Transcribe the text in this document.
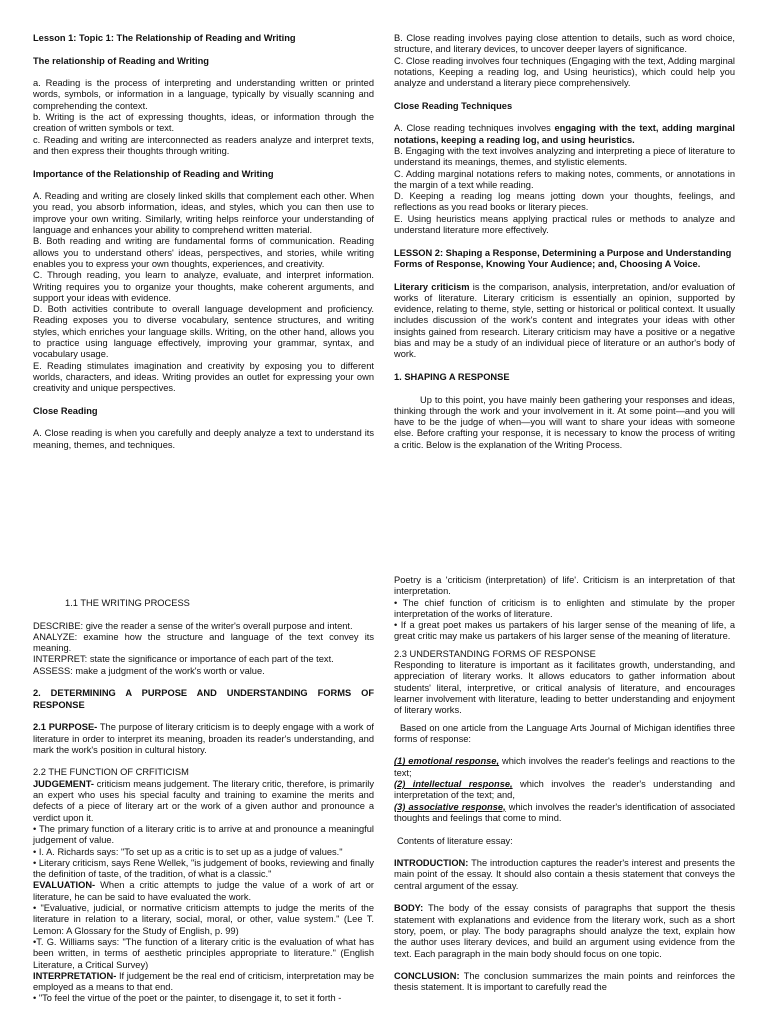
Lesson 1: Topic 1: The Relationship of Reading and Writing

The relationship of Reading and Writing

a. Reading is the process of interpreting and understanding written or printed words, symbols, or information in a language, typically by visually scanning and comprehending the context.

b. Writing is the act of expressing thoughts, ideas, or information through the creation of written symbols or text.

c. Reading and writing are interconnected as readers analyze and interpret texts, and then express their thoughts through writing.

Importance of the Relationship of Reading and Writing

A. Reading and writing are closely linked skills that complement each other. When you read, you absorb information, ideas, and styles, which you can then use to improve your own writing. Similarly, writing helps reinforce your understanding of language and enhances your ability to comprehend written material.

B. Both reading and writing are fundamental forms of communication. Reading allows you to understand others' ideas, perspectives, and stories, while writing enables you to express your own thoughts, experiences, and creativity.

C. Through reading, you learn to analyze, evaluate, and interpret information. Writing requires you to organize your thoughts, make coherent arguments, and support your ideas with evidence.

D. Both activities contribute to overall language development and proficiency. Reading exposes you to diverse vocabulary, sentence structures, and writing styles, which enriches your language skills. Writing, on the other hand, allows you to practice using language effectively, improving your grammar, syntax, and vocabulary usage.

E. Reading stimulates imagination and creativity by exposing you to different worlds, characters, and ideas. Writing provides an outlet for expressing your own creativity and unique perspectives.

Close Reading

A. Close reading is when you carefully and deeply analyze a text to understand its meaning, themes, and techniques.

B. Close reading involves paying close attention to details, such as word choice, structure, and literary devices, to uncover deeper layers of significance.

C. Close reading involves four techniques (Engaging with the text, Adding marginal notations, Keeping a reading log, and Using heuristics), which could help you analyze and understand a literary piece comprehensively.

Close Reading Techniques

A. Close reading techniques involves engaging with the text, adding marginal notations, keeping a reading log, and using heuristics.

B. Engaging with the text involves analyzing and interpreting a piece of literature to understand its meanings, themes, and stylistic elements.

C. Adding marginal notations refers to making notes, comments, or annotations in the margin of a text while reading.

D. Keeping a reading log means jotting down your thoughts, feelings, and reflections as you read books or literary pieces.

E. Using heuristics means applying practical rules or methods to analyze and understand literature more effectively.

LESSON 2: Shaping a Response, Determining a Purpose and Understanding

Forms of Response, Knowing Your Audience; and, Choosing A Voice.

Literary criticism is the comparison, analysis, interpretation, and/or evaluation of works of literature. Literary criticism is essentially an opinion, supported by evidence, relating to theme, style, setting or historical or political context. It usually includes discussion of the work's content and integrates your ideas with other insights gained from research. Literary criticism may have a positive or a negative bias and may be a study of an individual piece of literature or an author's body of work.

1. SHAPING A RESPONSE

Up to this point, you have mainly been gathering your responses and ideas, thinking through the work and your involvement in it. At some point—and you will have to be the judge of when—you will want to share your ideas with someone else. Before crafting your response, it is necessary to know the process of writing a critic. Below is the explanation of the Writing Process.

1.1 THE WRITING PROCESS

DESCRIBE: give the reader a sense of the writer's overall purpose and intent.

ANALYZE: examine how the structure and language of the text convey its meaning.

INTERPRET: state the significance or importance of each part of the text.

ASSESS: make a judgment of the work's worth or value.

2. DETERMINING A PURPOSE AND UNDERSTANDING FORMS OF RESPONSE

2.1 PURPOSE- The purpose of literary criticism is to deeply engage with a work of literature in order to interpret its meaning, broaden its reader's understanding, and mark the work's position in cultural history.

2.2 THE FUNCTION OF CRFITICISM

JUDGEMENT- criticism means judgement. The literary critic, therefore, is primarily an expert who uses his special faculty and training to examine the merits and defects of a piece of literary art or the work of a given author and pronounce a verdict upon it.

• The primary function of a literary critic is to arrive at and pronounce a meaningful judgement of value.

• I. A. Richards says: "To set up as a critic is to set up as a judge of values."

• Literary criticism, says Rene Wellek, "is judgement of books, reviewing and finally the definition of taste, of the tradition, of what is a classic."

EVALUATION- When a critic attempts to judge the value of a work of art or literature, he can be said to have evaluated the work.

• "Evaluative, judicial, or normative criticism attempts to judge the merits of the literature in relation to a literary, social, moral, or other, value system." (Lee T. Lemon: A Glossary for the Study of English, p. 99)

•T. G. Williams says: "The function of a literary critic is the evaluation of what has been written, in terms of aesthetic principles appropriate to literature." (English Literature, a Critical Survey)

INTERPRETATION- If judgement be the real end of criticism, interpretation may be employed as a means to that end.

• "To feel the virtue of the poet or the painter, to disengage it, to set it forth -

Poetry is a 'criticism (interpretation) of life'. Criticism is an interpretation of that interpretation.

• The chief function of criticism is to enlighten and stimulate by the proper interpretation of the works of literature.

• If a great poet makes us partakers of his larger sense of the meaning of life, a great critic may make us partakers of his larger sense of the meaning of literature.

2.3 UNDERSTANDING FORMS OF RESPONSE

Responding to literature is important as it facilitates growth, understanding, and appreciation of literary works. It allows educators to gather information about students' literal, interpretive, or critical analysis of literature, and encourages learner involvement with literature, leading to better understanding and enjoyment of literary works.

Based on one article from the Language Arts Journal of Michigan identifies three forms of response:

(1) emotional response, which involves the reader's feelings and reactions to the text;

(2) intellectual response, which involves the reader's understanding and interpretation of the text; and,

(3) associative response, which involves the reader's identification of associated thoughts and feelings that come to mind.

Contents of literature essay:

INTRODUCTION: The introduction captures the reader's interest and presents the main point of the essay. It should also contain a thesis statement that conveys the central argument of the essay.

BODY: The body of the essay consists of paragraphs that support the thesis statement with explanations and evidence from the literary work, such as a short story, poem, or play. The body paragraphs should analyze the text, explain how the author uses literary devices, and build an argument using evidence from the text. Each paragraph in the main body should focus on one topic.

CONCLUSION: The conclusion summarizes the main points and reinforces the thesis statement. It is important to carefully read the
